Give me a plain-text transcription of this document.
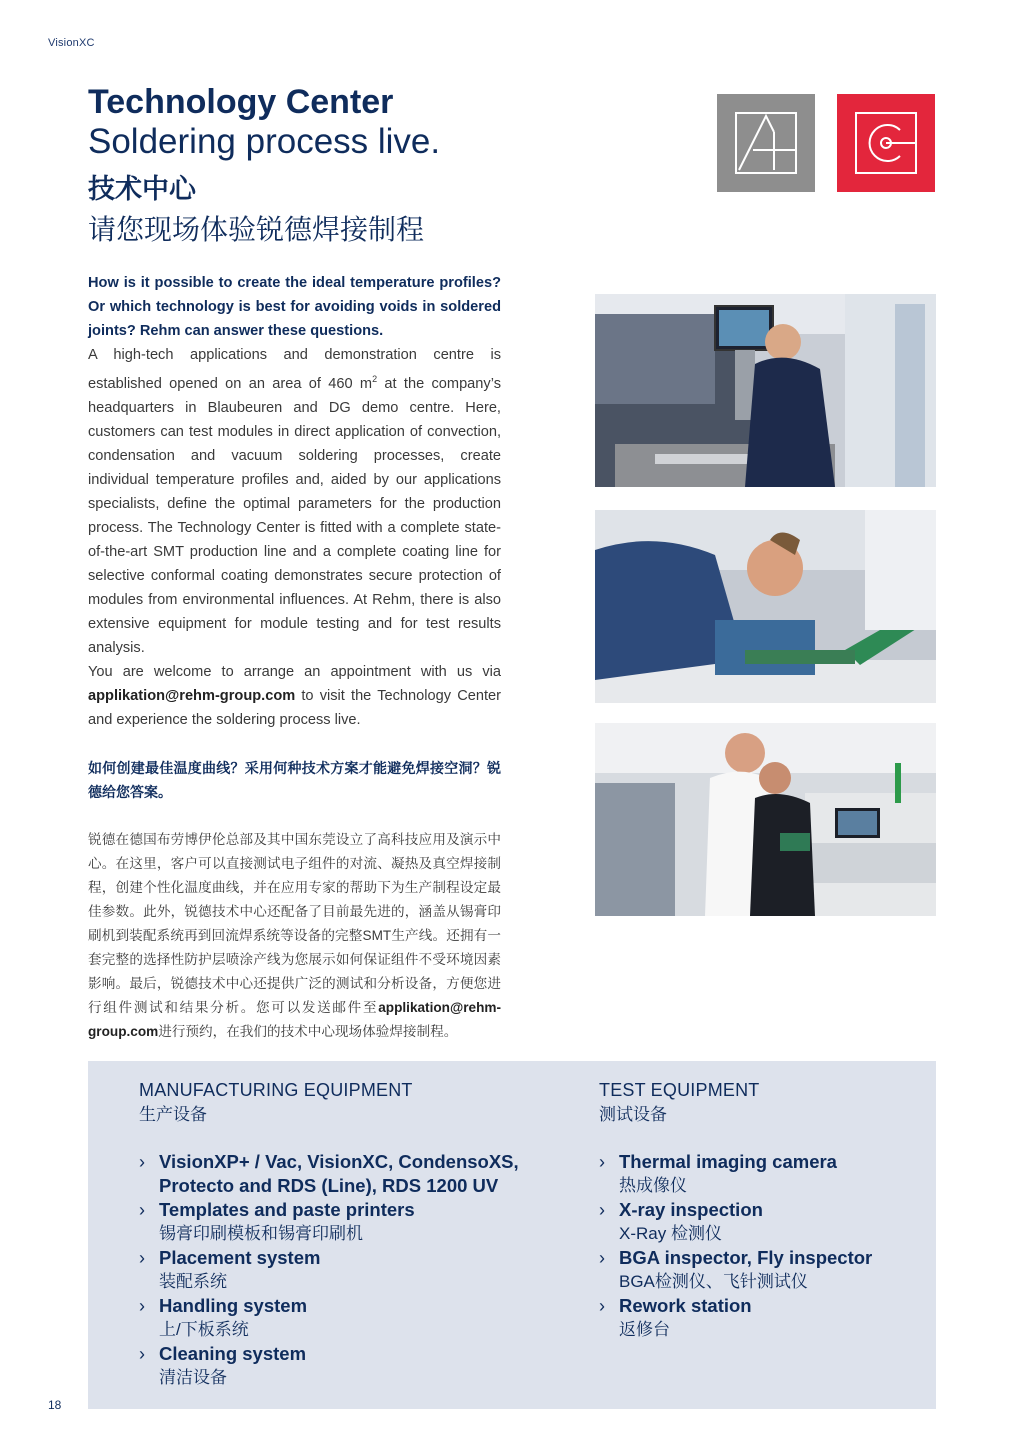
VisionXC
Technology Center
Soldering process live.
技术中心
请您现场体验锐德焊接制程

How is it possible to create the ideal temperature profiles? Or which technology is best for avoiding voids in soldered joints? Rehm can answer these questions.

A high-tech applications and demonstration centre is established opened on an area of 460 $m^2$ at the company’s headquarters in Blaubeuren and DG demo centre. Here, customers can test modules in direct application of convection, condensation and vacuum soldering processes, create individual temperature profiles and, aided by our applications specialists, define the optimal parameters for the production process. The Technology Center is fitted with a complete state-of-the-art SMT production line and a complete coating line for selective conformal coating demonstrates secure protection of modules from environmental influences. At Rehm, there is also extensive equipment for module testing and for test results analysis.

You are welcome to arrange an appointment with us via applikation@rehm-group.com to visit the Technology Center and experience the soldering process live.

如何创建最佳温度曲线？采用何种技术方案才能避免焊接空洞？锐德给您答案。

锐德在德国布劳博伊伦总部及其中国东莞设立了高科技应用及演示中心。在这里，客户可以直接测试电子组件的对流、凝热及真空焊接制程，创建个性化温度曲线，并在应用专家的帮助下为生产制程设定最佳参数。此外，锐德技术中心还配备了目前最先进的，涵盖从锡膏印刷机到装配系统再到回流焊系统等设备的完整SMT生产线。还拥有一套完整的选择性防护层喷涂产线为您展示如何保证组件不受环境因素影响。最后，锐德技术中心还提供广泛的测试和分析设备，方便您进行组件测试和结果分析。您可以发送邮件至applikation@rehm-group.com进行预约，在我们的技术中心现场体验焊接制程。

MANUFACTURING EQUIPMENT
生产设备
› VisionXP+ / Vac, VisionXC, CondensoXS, Protecto and RDS (Line), RDS 1200 UV
› Templates and paste printers
锡膏印刷模板和锡膏印刷机
› Placement system
装配系统
› Handling system
上/下板系统
› Cleaning system
清洁设备
TEST EQUIPMENT
测试设备
› Thermal imaging camera
热成像仪
› X-ray inspection
X-Ray 检测仪
› BGA inspector, Fly inspector
BGA检测仪、飞针测试仪
› Rework station
返修台
18
